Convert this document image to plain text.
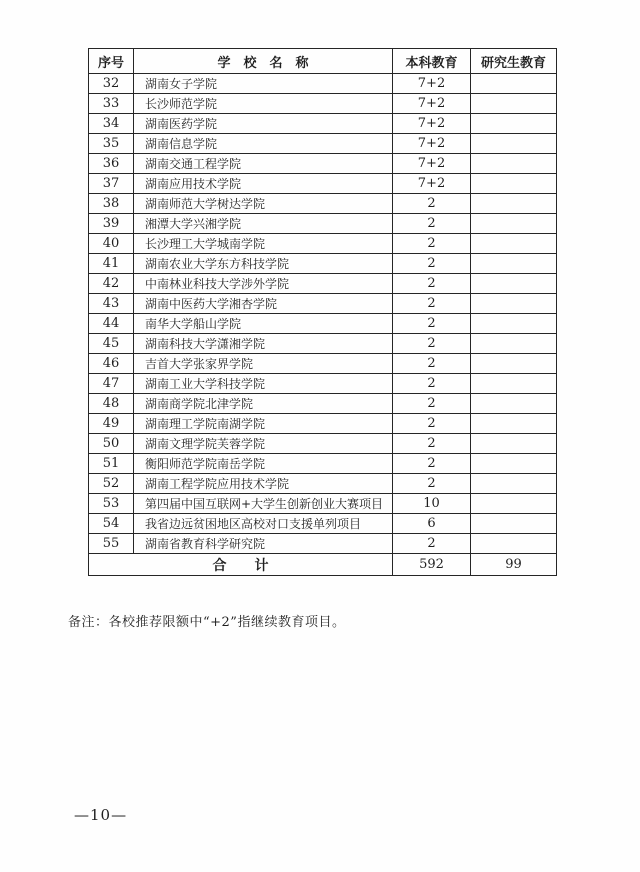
序号	学　校　名　称	本科教育	研究生教育
32	湖南女子学院	7+2	
33	长沙师范学院	7+2	
34	湖南医药学院	7+2	
35	湖南信息学院	7+2	
36	湖南交通工程学院	7+2	
37	湖南应用技术学院	7+2	
38	湖南师范大学树达学院	2	
39	湘潭大学兴湘学院	2	
40	长沙理工大学城南学院	2	
41	湖南农业大学东方科技学院	2	
42	中南林业科技大学涉外学院	2	
43	湖南中医药大学湘杏学院	2	
44	南华大学船山学院	2	
45	湖南科技大学潇湘学院	2	
46	吉首大学张家界学院	2	
47	湖南工业大学科技学院	2	
48	湖南商学院北津学院	2	
49	湖南理工学院南湖学院	2	
50	湖南文理学院芙蓉学院	2	
51	衡阳师范学院南岳学院	2	
52	湖南工程学院应用技术学院	2	
53	第四届中国互联网+大学生创新创业大赛项目	10	
54	我省边远贫困地区高校对口支援单列项目	6	
55	湖南省教育科学研究院	2	
合　　计		592	99
备注：各校推荐限额中“+2”指继续教育项目。
—10—
